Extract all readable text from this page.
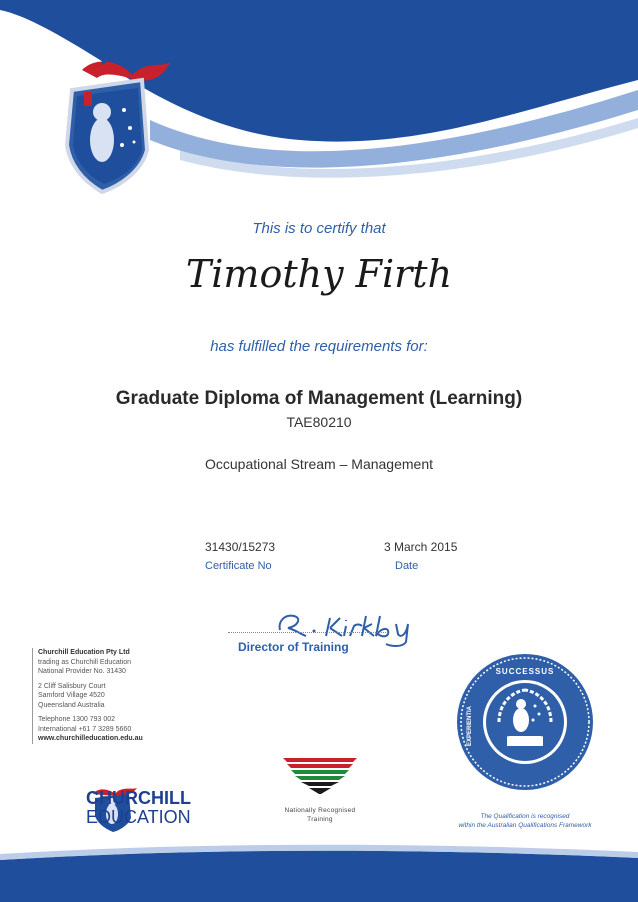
This is to certify that
Timothy Firth
has fulfilled the requirements for:
Graduate Diploma of Management (Learning)
TAE80210
Occupational Stream – Management
31430/15273
Certificate No
3 March 2015
Date
Director of Training
Churchill Education Pty Ltd
trading as Churchill Education
National Provider No. 31430
2 Cliff Salisbury Court
Samford Village 4520
Queensland Australia
Telephone 1300 793 002
International +61 7 3289 5660
www.churchilleducation.edu.au
CHURCHILL
EDUCATION	Nationally Recognised
Training
SUCCESSUS
EXPERIENTIA
The Qualification is recognised
within the Australian Qualifications Framework
